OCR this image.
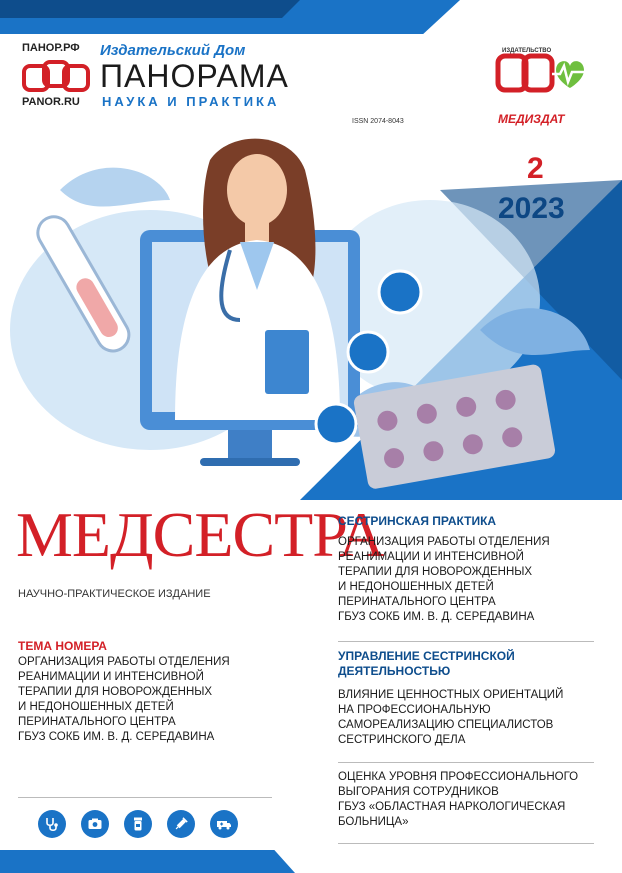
ПАНОР.РФ
PANOR.RU
Издательский Дом
ПАНОРАМА
НАУКА И ПРАКТИКА
ISSN 2074-8043
ИЗДАТЕЛЬСТВО
МЕДИЗДАТ
2
МЕДСЕСТРА
НАУЧНО-ПРАКТИЧЕСКОЕ ИЗДАНИЕ
ТЕМА НОМЕРА
ОРГАНИЗАЦИЯ РАБОТЫ ОТДЕЛЕНИЯ
РЕАНИМАЦИИ И ИНТЕНСИВНОЙ
ТЕРАПИИ ДЛЯ НОВОРОЖДЕННЫХ
И НЕДОНОШЕННЫХ ДЕТЕЙ
ПЕРИНАТАЛЬНОГО ЦЕНТРА
ГБУЗ СОКБ ИМ. В. Д. СЕРЕДАВИНА
СЕСТРИНСКАЯ ПРАКТИКА
ОРГАНИЗАЦИЯ РАБОТЫ ОТДЕЛЕНИЯ
РЕАНИМАЦИИ И ИНТЕНСИВНОЙ
ТЕРАПИИ ДЛЯ НОВОРОЖДЕННЫХ
И НЕДОНОШЕННЫХ ДЕТЕЙ
ПЕРИНАТАЛЬНОГО ЦЕНТРА
ГБУЗ СОКБ ИМ. В. Д. СЕРЕДАВИНА
УПРАВЛЕНИЕ СЕСТРИНСКОЙ
ДЕЯТЕЛЬНОСТЬЮ
ВЛИЯНИЕ ЦЕННОСТНЫХ ОРИЕНТАЦИЙ
НА ПРОФЕССИОНАЛЬНУЮ
САМОРЕАЛИЗАЦИЮ СПЕЦИАЛИСТОВ
СЕСТРИНСКОГО ДЕЛА
ОЦЕНКА УРОВНЯ ПРОФЕССИОНАЛЬНОГО
ВЫГОРАНИЯ СОТРУДНИКОВ
ГБУЗ «ОБЛАСТНАЯ НАРКОЛОГИЧЕСКАЯ
БОЛЬНИЦА»
